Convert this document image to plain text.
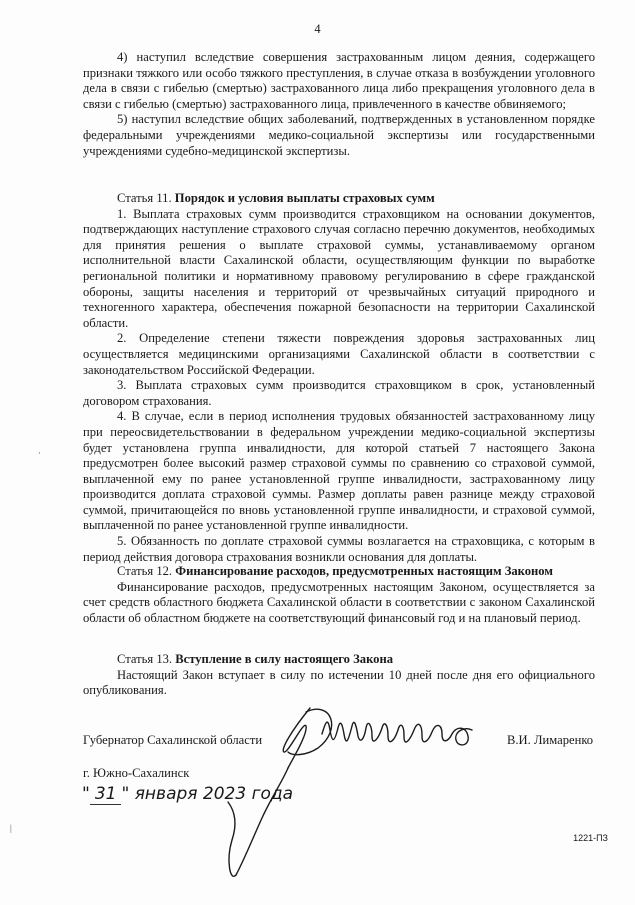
4

4) наступил вследствие совершения застрахованным лицом деяния, содержащего признаки тяжкого или особо тяжкого преступления, в случае отказа в возбуждении уголовного дела в связи с гибелью (смертью) застрахованного лица либо прекращения уголовного дела в связи с гибелью (смертью) застрахованного лица, привлеченного в качестве обвиняемого;

5) наступил вследствие общих заболеваний, подтвержденных в установленном порядке федеральными учреждениями медико-социальной экспертизы или государственными учреждениями судебно-медицинской экспертизы.

Статья 11. Порядок и условия выплаты страховых сумм

1. Выплата страховых сумм производится страховщиком на основании документов, подтверждающих наступление страхового случая согласно перечню документов, необходимых для принятия решения о выплате страховой суммы, устанавливаемому органом исполнительной власти Сахалинской области, осуществляющим функции по выработке региональной политики и нормативному правовому регулированию в сфере гражданской обороны, защиты населения и территорий от чрезвычайных ситуаций природного и техногенного характера, обеспечения пожарной безопасности на территории Сахалинской области.

2. Определение степени тяжести повреждения здоровья застрахованных лиц осуществляется медицинскими организациями Сахалинской области в соответствии с законодательством Российской Федерации.

3. Выплата страховых сумм производится страховщиком в срок, установленный договором страхования.

4. В случае, если в период исполнения трудовых обязанностей застрахованному лицу при переосвидетельствовании в федеральном учреждении медико-социальной экспертизы будет установлена группа инвалидности, для которой статьей 7 настоящего Закона предусмотрен более высокий размер страховой суммы по сравнению со страховой суммой, выплаченной ему по ранее установленной группе инвалидности, застрахованному лицу производится доплата страховой суммы. Размер доплаты равен разнице между страховой суммой, причитающейся по вновь установленной группе инвалидности, и страховой суммой, выплаченной по ранее установленной группе инвалидности.

5. Обязанность по доплате страховой суммы возлагается на страховщика, с которым в период действия договора страхования возникли основания для доплаты.

Статья 12. Финансирование расходов, предусмотренных настоящим Законом

Финансирование расходов, предусмотренных настоящим Законом, осуществляется за счет средств областного бюджета Сахалинской области в соответствии с законом Сахалинской области об областном бюджете на соответствующий финансовый год и на плановый период.

Статья 13. Вступление в силу настоящего Закона

Настоящий Закон вступает в силу по истечении 10 дней после дня его официального опубликования.

Губернатор Сахалинской области	В.И. Лимаренко
г. Южно-Сахалинск
" 31 " января 2023 года
1221-ПЗ
·
|
